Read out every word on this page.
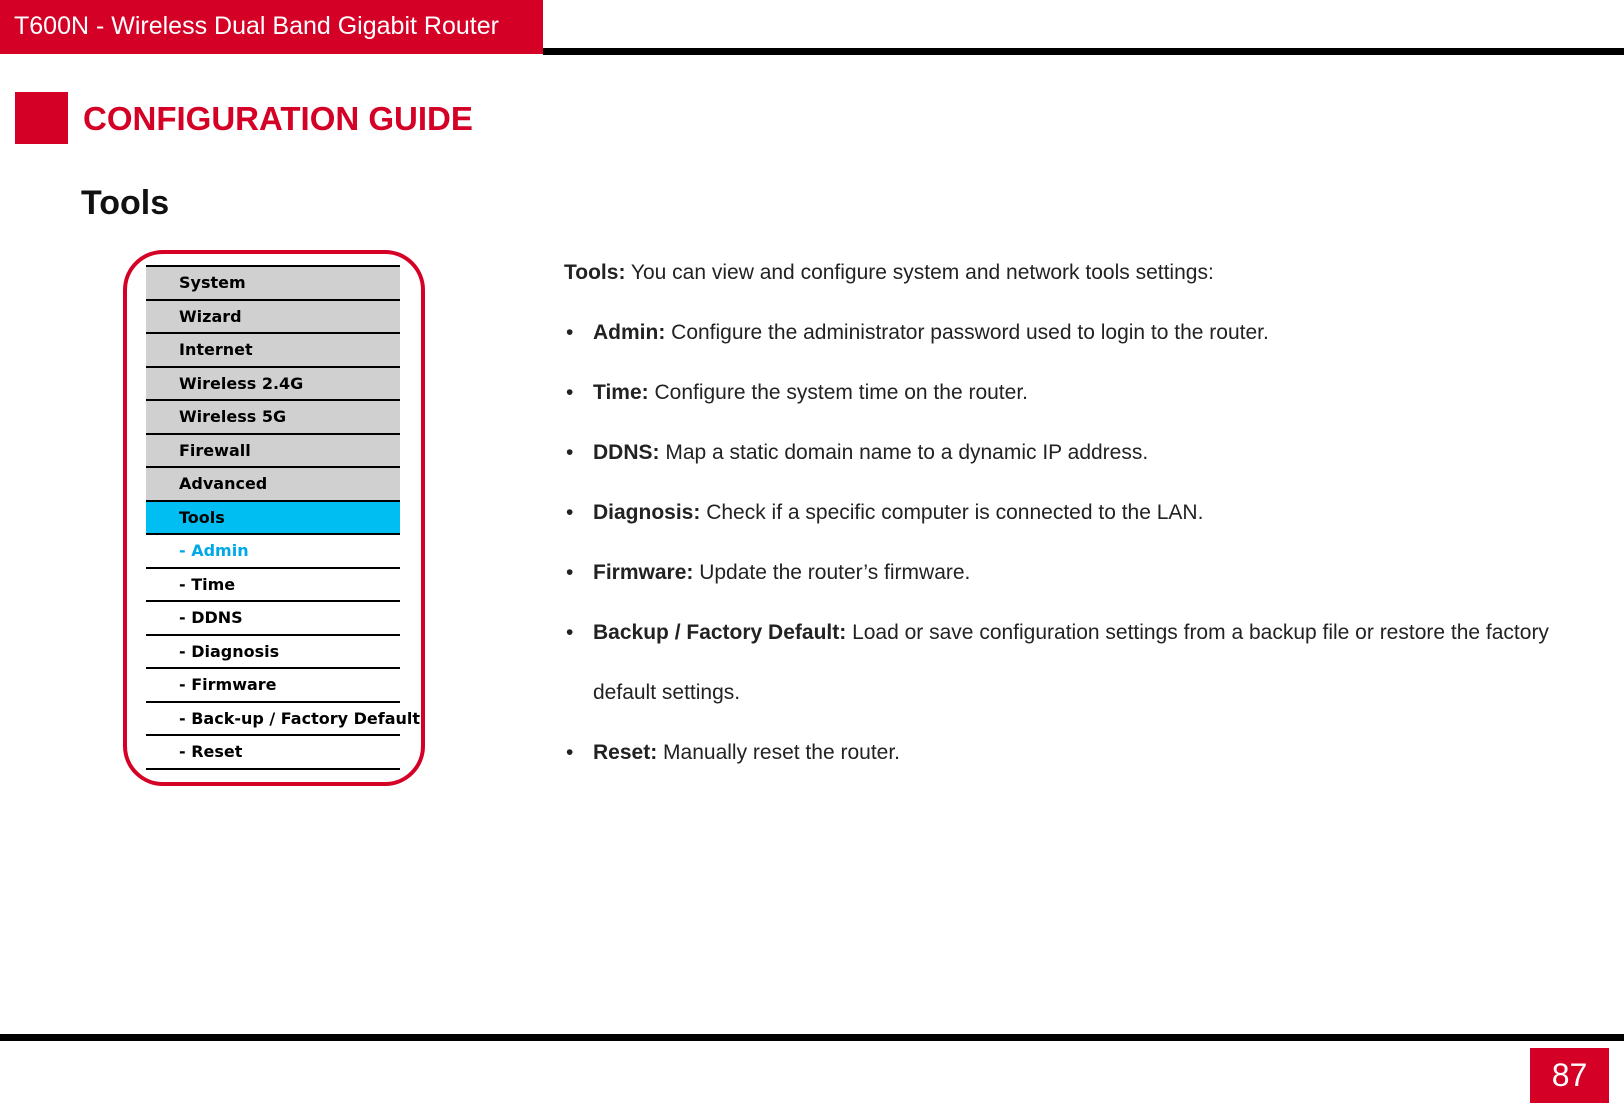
T600N - Wireless Dual Band Gigabit Router
CONFIGURATION GUIDE
Tools
System
Wizard
Internet
Wireless 2.4G
Wireless 5G
Firewall
Advanced
Tools
- Admin
- Time
- DDNS
- Diagnosis
- Firmware
- Back-up / Factory Default
- Reset

Tools: You can view and configure system and network tools settings:

• Admin: Configure the administrator password used to login to the router.
• Time: Configure the system time on the router.
• DDNS: Map a static domain name to a dynamic IP address.
• Diagnosis: Check if a specific computer is connected to the LAN.
• Firmware: Update the router’s firmware.
• Backup / Factory Default: Load or save configuration settings from a backup file or restore the factory default settings.
• Reset: Manually reset the router.
87
